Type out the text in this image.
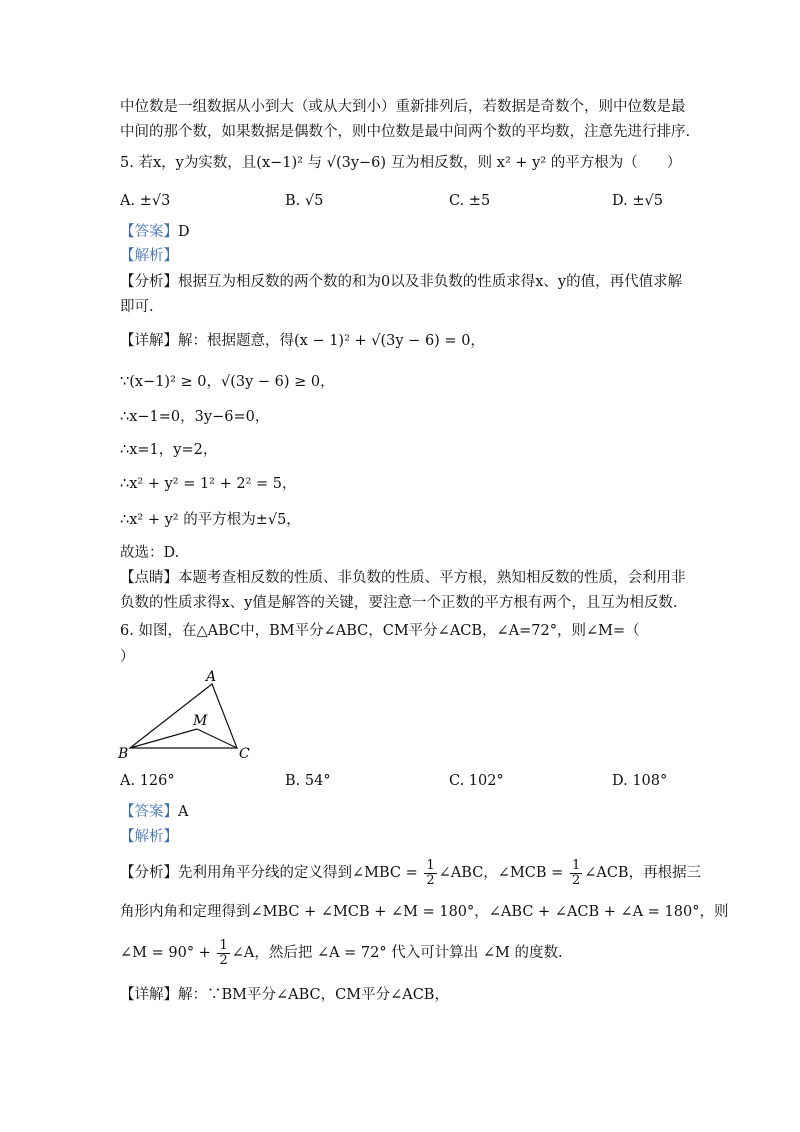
中位数是一组数据从小到大（或从大到小）重新排列后，若数据是奇数个，则中位数是最
中间的那个数，如果数据是偶数个，则中位数是最中间两个数的平均数，注意先进行排序.
5. 若x，y为实数，且(x−1)² 与 √(3y−6) 互为相反数，则 x² + y² 的平方根为（　　）
A. ±√3	B. √5	C. ±5	D. ±√5
【答案】D
【解析】
【分析】根据互为相反数的两个数的和为0以及非负数的性质求得x、y的值，再代值求解
即可.
【详解】解：根据题意，得(x − 1)² + √(3y − 6) = 0，
∵(x−1)² ≥ 0，√(3y − 6) ≥ 0，
∴x−1=0，3y−6=0，
∴x=1，y=2，
∴x² + y² = 1² + 2² = 5，
∴x² + y² 的平方根为±√5，
故选：D.
【点睛】本题考查相反数的性质、非负数的性质、平方根，熟知相反数的性质，会利用非
负数的性质求得x、y值是解答的关键，要注意一个正数的平方根有两个，且互为相反数.
6. 如图，在△ABC中，BM平分∠ABC，CM平分∠ACB，∠A=72°，则∠M=（
）
A
M
B	C
A. 126°	B. 54°	C. 102°	D. 108°
【答案】A
【解析】
【分析】先利用角平分线的定义得到∠MBC = $\frac{1}{2}$ ∠ABC，∠MCB = $\frac{1}{2}$ ∠ACB，再根据三
角形内角和定理得到∠MBC + ∠MCB + ∠M = 180°，∠ABC + ∠ACB + ∠A = 180°，则
∠M = $90^\circ + \frac{1}{2}$ ∠A，然后把 ∠A = 72° 代入可计算出 ∠M 的度数.
【详解】解：∵BM平分∠ABC，CM平分∠ACB，
